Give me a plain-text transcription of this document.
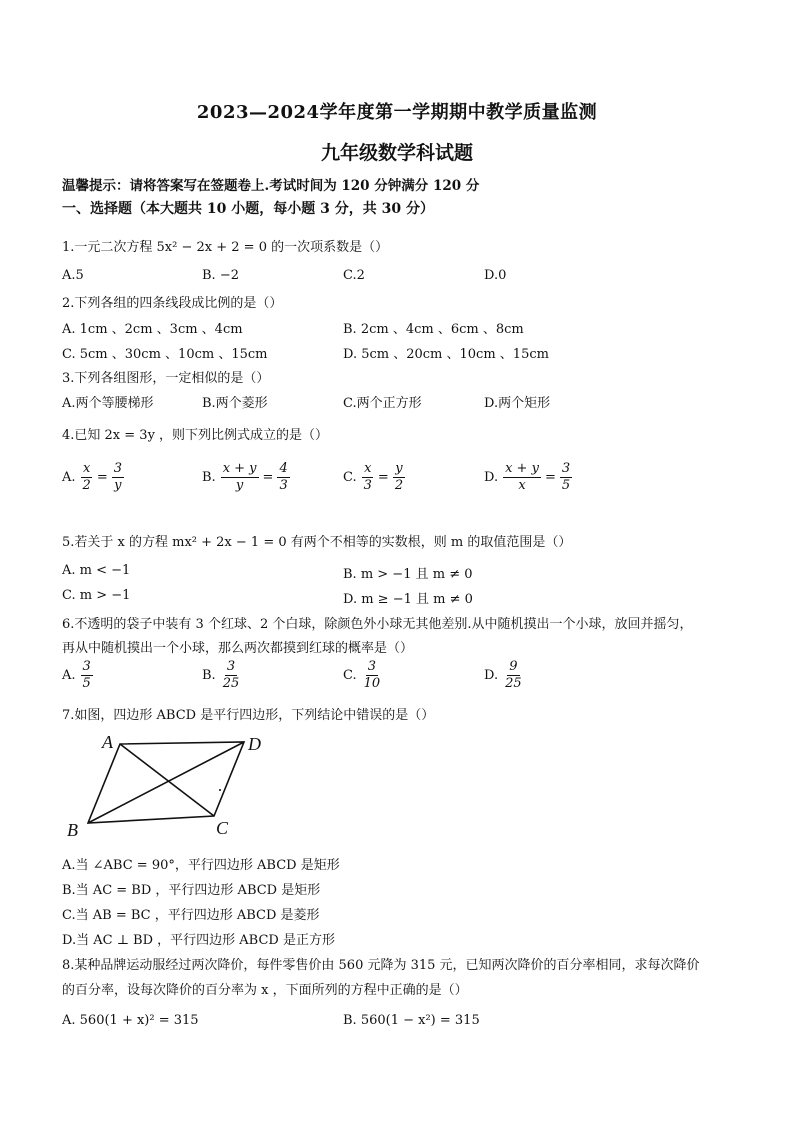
2023—2024学年度第一学期期中教学质量监测
九年级数学科试题
温馨提示：请将答案写在签题卷上.考试时间为 120 分钟满分 120 分
一、选择题（本大题共 10 小题，每小题 3 分，共 30 分）
1.一元二次方程 5x² − 2x + 2 = 0 的一次项系数是（）
A.5	B. −2	C.2	D.0
2.下列各组的四条线段成比例的是（）
A. 1cm 、2cm 、3cm 、4cm	B. 2cm 、4cm 、6cm 、8cm
C. 5cm 、30cm 、10cm 、15cm	D. 5cm 、20cm 、10cm 、15cm
3.下列各组图形，一定相似的是（）
A.两个等腰梯形	B.两个菱形	C.两个正方形	D.两个矩形
4.已知 2x = 3y ，则下列比例式成立的是（）
A. $\frac{x}{2} = \frac{3}{y}$	B. $\frac{x + y}{y} = \frac{4}{3}$	C. $\frac{x}{3} = \frac{y}{2}$	D. $\frac{x + y}{x} = \frac{3}{5}$
5.若关于 x 的方程 mx² + 2x − 1 = 0 有两个不相等的实数根，则 m 的取值范围是（）
A. m < −1	B. m > −1 且 m ≠ 0
C. m > −1	D. m ≥ −1 且 m ≠ 0
6.不透明的袋子中装有 3 个红球、2 个白球，除颜色外小球无其他差别.从中随机摸出一个小球，放回并摇匀，
再从中随机摸出一个小球，那么两次都摸到红球的概率是（）
A. $\frac{3}{5}$	B. $\frac{3}{25}$	C. $\frac{3}{10}$	D. $\frac{9}{25}$
7.如图，四边形 ABCD 是平行四边形，下列结论中错误的是（）
A	D
B	C
A.当 ∠ABC = 90°，平行四边形 ABCD 是矩形
B.当 AC = BD ，平行四边形 ABCD 是矩形
C.当 AB = BC ，平行四边形 ABCD 是菱形
D.当 AC ⊥ BD ，平行四边形 ABCD 是正方形
8.某种品牌运动服经过两次降价，每件零售价由 560 元降为 315 元，已知两次降价的百分率相同，求每次降价
的百分率，设每次降价的百分率为 x ，下面所列的方程中正确的是（）
A. 560(1 + x)² = 315	B. 560(1 − x²) = 315
